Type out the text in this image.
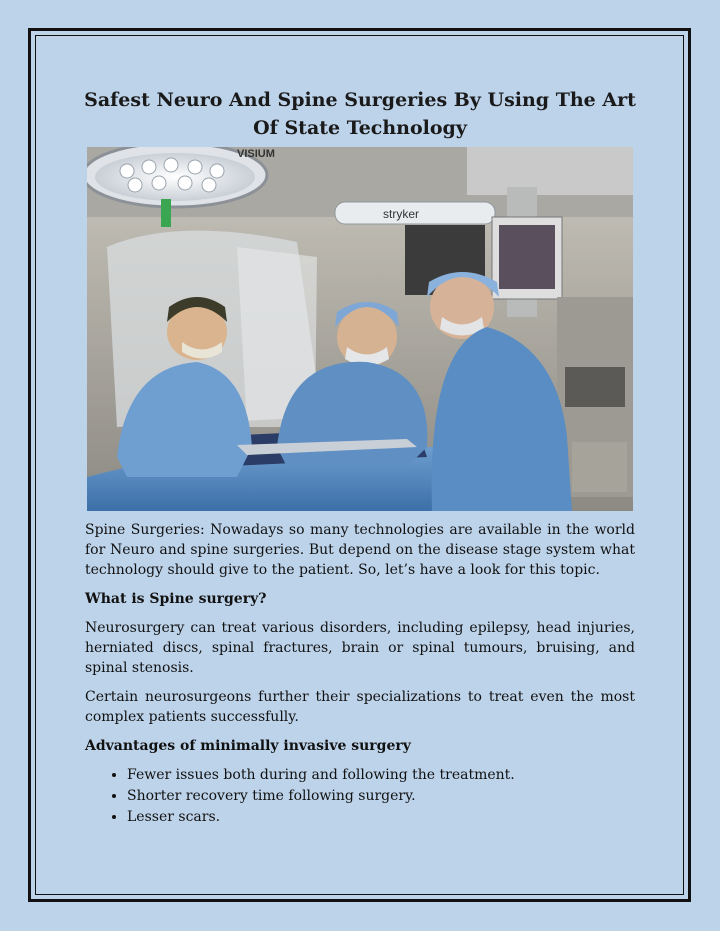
Safest Neuro And Spine Surgeries By Using The Art Of State Technology
VISIUM
stryker

Spine Surgeries: Nowadays so many technologies are available in the world for Neuro and spine surgeries. But depend on the disease stage system what technology should give to the patient. So, let’s have a look for this topic.

What is Spine surgery?

Neurosurgery can treat various disorders, including epilepsy, head injuries, herniated discs, spinal fractures, brain or spinal tumours, bruising, and spinal stenosis.

Certain neurosurgeons further their specializations to treat even the most complex patients successfully.

Advantages of minimally invasive surgery

• Fewer issues both during and following the treatment.
• Shorter recovery time following surgery.
• Lesser scars.
